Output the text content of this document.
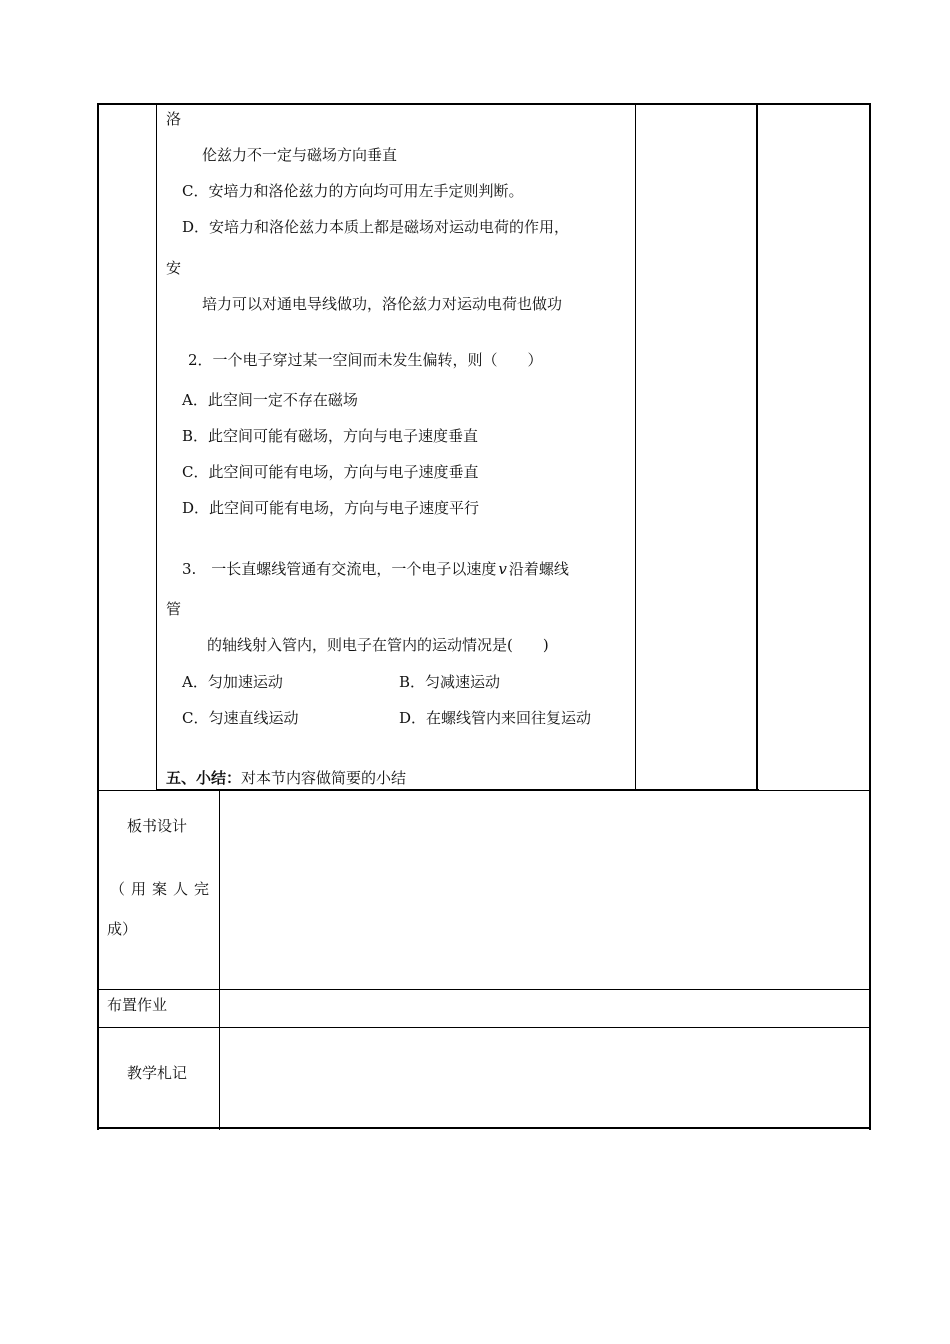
洛
伦兹力不一定与磁场方向垂直
C．安培力和洛伦兹力的方向均可用左手定则判断。
D．安培力和洛伦兹力本质上都是磁场对运动电荷的作用，
安
培力可以对通电导线做功，洛伦兹力对运动电荷也做功
2．一个电子穿过某一空间而未发生偏转，则（　　）
A．此空间一定不存在磁场
B．此空间可能有磁场，方向与电子速度垂直
C．此空间可能有电场，方向与电子速度垂直
D．此空间可能有电场，方向与电子速度平行
3.　一长直螺线管通有交流电，一个电子以速度 v 沿着螺线
管
的轴线射入管内，则电子在管内的运动情况是(　　)
A．匀加速运动	B．匀减速运动
C．匀速直线运动	D．在螺线管内来回往复运动
五、小结：对本节内容做简要的小结
板书设计
（用案人完
成）
布置作业
教学札记
